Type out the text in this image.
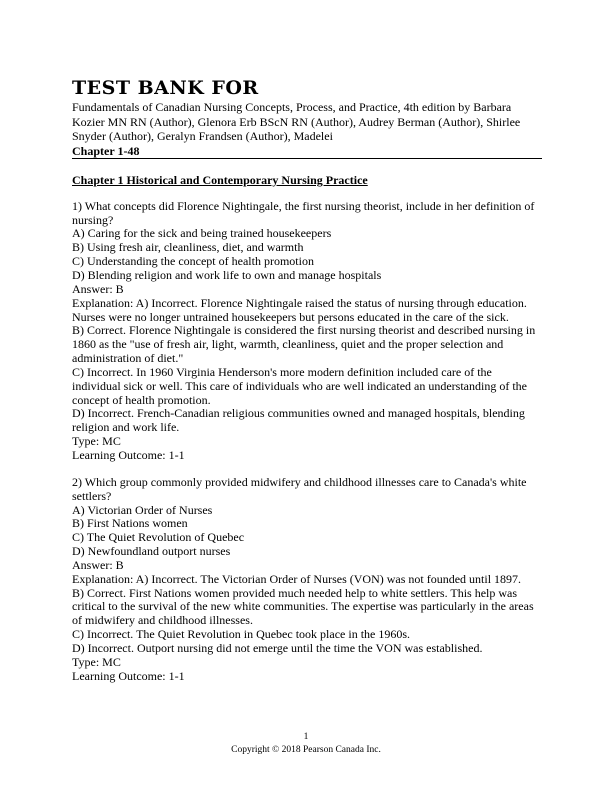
TEST BANK FOR

Fundamentals of Canadian Nursing Concepts, Process, and Practice, 4th edition by Barbara Kozier MN RN (Author), Glenora Erb BScN RN (Author), Audrey Berman (Author), Shirlee Snyder (Author), Geralyn Frandsen (Author), Madelei

Chapter 1-48

Chapter 1 Historical and Contemporary Nursing Practice

1) What concepts did Florence Nightingale, the first nursing theorist, include in her definition of nursing?

A) Caring for the sick and being trained housekeepers

B) Using fresh air, cleanliness, diet, and warmth

C) Understanding the concept of health promotion

D) Blending religion and work life to own and manage hospitals

Answer: B

Explanation: A) Incorrect. Florence Nightingale raised the status of nursing through education. Nurses were no longer untrained housekeepers but persons educated in the care of the sick.

B) Correct. Florence Nightingale is considered the first nursing theorist and described nursing in 1860 as the "use of fresh air, light, warmth, cleanliness, quiet and the proper selection and administration of diet."

C) Incorrect. In 1960 Virginia Henderson's more modern definition included care of the individual sick or well. This care of individuals who are well indicated an understanding of the concept of health promotion.

D) Incorrect. French-Canadian religious communities owned and managed hospitals, blending religion and work life.

Type: MC

Learning Outcome: 1-1

2) Which group commonly provided midwifery and childhood illnesses care to Canada's white settlers?

A) Victorian Order of Nurses

B) First Nations women

C) The Quiet Revolution of Quebec

D) Newfoundland outport nurses

Answer: B

Explanation: A) Incorrect. The Victorian Order of Nurses (VON) was not founded until 1897.

B) Correct. First Nations women provided much needed help to white settlers. This help was critical to the survival of the new white communities. The expertise was particularly in the areas of midwifery and childhood illnesses.

C) Incorrect. The Quiet Revolution in Quebec took place in the 1960s.

D) Incorrect. Outport nursing did not emerge until the time the VON was established.

Type: MC

Learning Outcome: 1-1

1
Copyright © 2018 Pearson Canada Inc.
